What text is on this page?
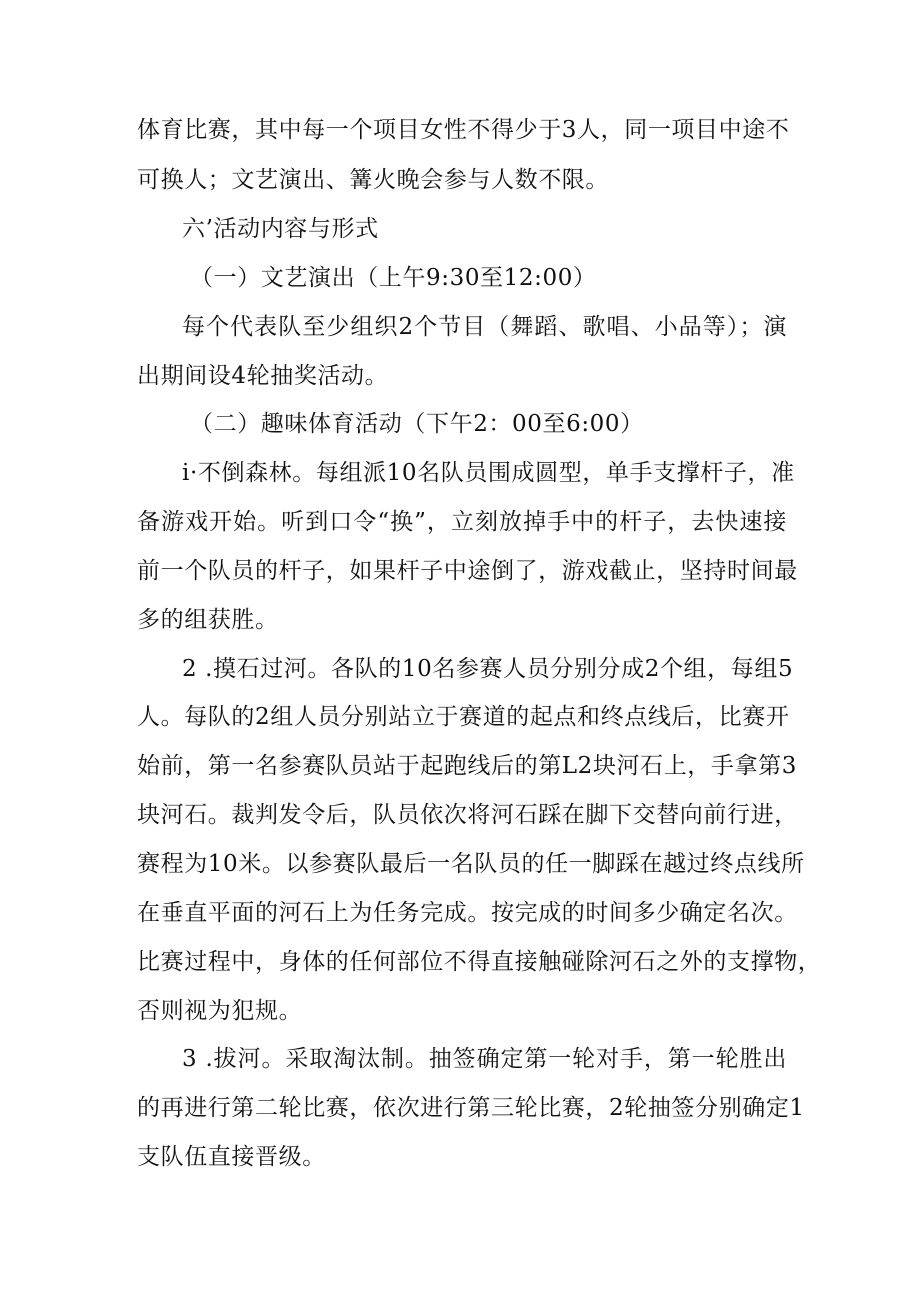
体育比赛，其中每一个项目女性不得少于3人，同一项目中途不
可换人；文艺演出、篝火晚会参与人数不限。
六’活动内容与形式
（一）文艺演出（上午9:30至12:00）
每个代表队至少组织2个节目（舞蹈、歌唱、小品等）；演
出期间设4轮抽奖活动。
（二）趣味体育活动（下午2：00至6:00）
i·不倒森林。每组派10名队员围成圆型，单手支撑杆子，准
备游戏开始。听到口令“换”，立刻放掉手中的杆子，去快速接
前一个队员的杆子，如果杆子中途倒了，游戏截止，坚持时间最
多的组获胜。
2 .摸石过河。各队的10名参赛人员分别分成2个组，每组5
人。每队的2组人员分别站立于赛道的起点和终点线后，比赛开
始前，第一名参赛队员站于起跑线后的第L2块河石上，手拿第3
块河石。裁判发令后，队员依次将河石踩在脚下交替向前行进，
赛程为10米。以参赛队最后一名队员的任一脚踩在越过终点线所
在垂直平面的河石上为任务完成。按完成的时间多少确定名次。
比赛过程中，身体的任何部位不得直接触碰除河石之外的支撑物，
否则视为犯规。
3 .拔河。采取淘汰制。抽签确定第一轮对手，第一轮胜出
的再进行第二轮比赛，依次进行第三轮比赛，2轮抽签分别确定1
支队伍直接晋级。
